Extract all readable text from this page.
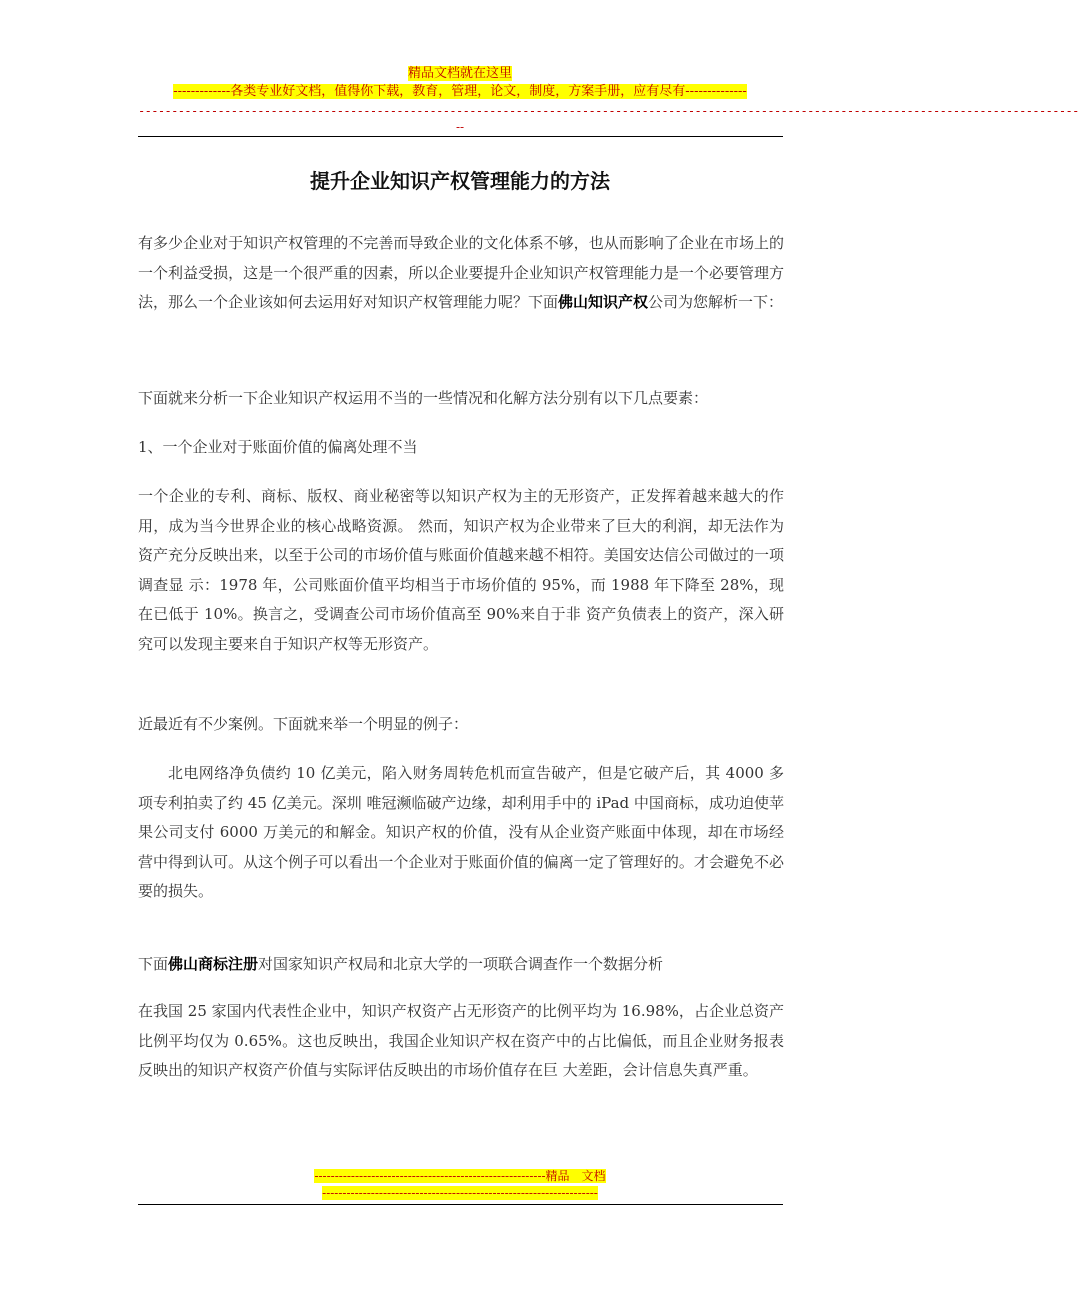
精品文档就在这里
-------------各类专业好文档，值得你下载，教育，管理，论文，制度，方案手册，应有尽有--------------
----------------------------------------------------------------------------------------------------------------------------------------------
--
提升企业知识产权管理能力的方法

有多少企业对于知识产权管理的不完善而导致企业的文化体系不够，也从而影响了企业在市场上的一个利益受损，这是一个很严重的因素，所以企业要提升企业知识产权管理能力是一个必要管理方法，那么一个企业该如何去运用好对知识产权管理能力呢？下面佛山知识产权公司为您解析一下：

下面就来分析一下企业知识产权运用不当的一些情况和化解方法分别有以下几点要素：

1、一个企业对于账面价值的偏离处理不当

一个企业的专利、商标、版权、商业秘密等以知识产权为主的无形资产，正发挥着越来越大的作用，成为当今世界企业的核心战略资源。 然而，知识产权为企业带来了巨大的利润，却无法作为资产充分反映出来，以至于公司的市场价值与账面价值越来越不相符。美国安达信公司做过的一项调查显 示：1978 年，公司账面价值平均相当于市场价值的 95%，而 1988 年下降至 28%，现在已低于 10%。换言之，受调查公司市场价值高至 90%来自于非 资产负债表上的资产，深入研究可以发现主要来自于知识产权等无形资产。

近最近有不少案例。下面就来举一个明显的例子：

北电网络净负债约 10 亿美元，陷入财务周转危机而宣告破产，但是它破产后，其 4000 多项专利拍卖了约 45 亿美元。深圳 唯冠濒临破产边缘，却利用手中的 iPad 中国商标，成功迫使苹果公司支付 6000 万美元的和解金。知识产权的价值，没有从企业资产账面中体现，却在市场经 营中得到认可。从这个例子可以看出一个企业对于账面价值的偏离一定了管理好的。才会避免不必要的损失。

下面佛山商标注册对国家知识产权局和北京大学的一项联合调查作一个数据分析

在我国 25 家国内代表性企业中，知识产权资产占无形资产的比例平均为 16.98%，占企业总资产比例平均仅为 0.65%。这也反映出，我国企业知识产权在资产中的占比偏低，而且企业财务报表反映出的知识产权资产价值与实际评估反映出的市场价值存在巨 大差距，会计信息失真严重。

---------------------------------------------------------精品　文档
--------------------------------------------------------------------
